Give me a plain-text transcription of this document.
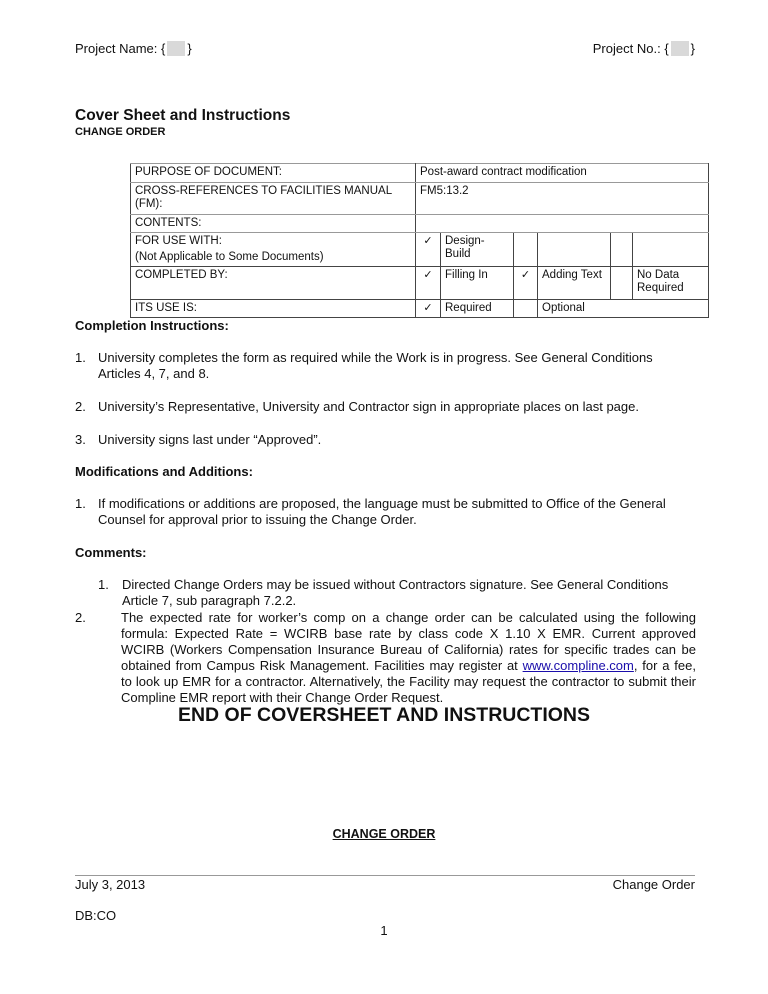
Project Name: { }	Project No.: { }
Cover Sheet and Instructions
CHANGE ORDER
PURPOSE OF DOCUMENT:	Post-award contract modification					
CROSS-REFERENCES TO FACILITIES MANUAL (FM):	FM5:13.2					
CONTENTS:						

FOR USE WITH:
(Not Applicable to Some Documents)	✓	Design-Build				
COMPLETED BY:	✓	Filling In	✓	Adding Text		No Data Required
ITS USE IS:	✓	Required		Optional		
Completion Instructions:
1. University completes the form as required while the Work is in progress. See General Conditions Articles 4, 7, and 8.
2. University’s Representative, University and Contractor sign in appropriate places on last page.
3. University signs last under “Approved”.
Modifications and Additions:
1. If modifications or additions are proposed, the language must be submitted to Office of the General Counsel for approval prior to issuing the Change Order.
Comments:
1. Directed Change Orders may be issued without Contractors signature. See General Conditions Article 7, sub paragraph 7.2.2.
2.	The expected rate for worker’s comp on a change order can be calculated using the following formula: Expected Rate = WCIRB base rate by class code X 1.10 X EMR. Current approved WCIRB (Workers Compensation Insurance Bureau of California) rates for specific trades can be obtained from Campus Risk Management. Facilities may register at www.compline.com, for a fee, to look up EMR for a contractor. Alternatively, the Facility may request the contractor to submit their Compline EMR report with their Change Order Request.
END OF COVERSHEET AND INSTRUCTIONS
CHANGE ORDER
July 3, 2013	Change Order
DB:CO
1
